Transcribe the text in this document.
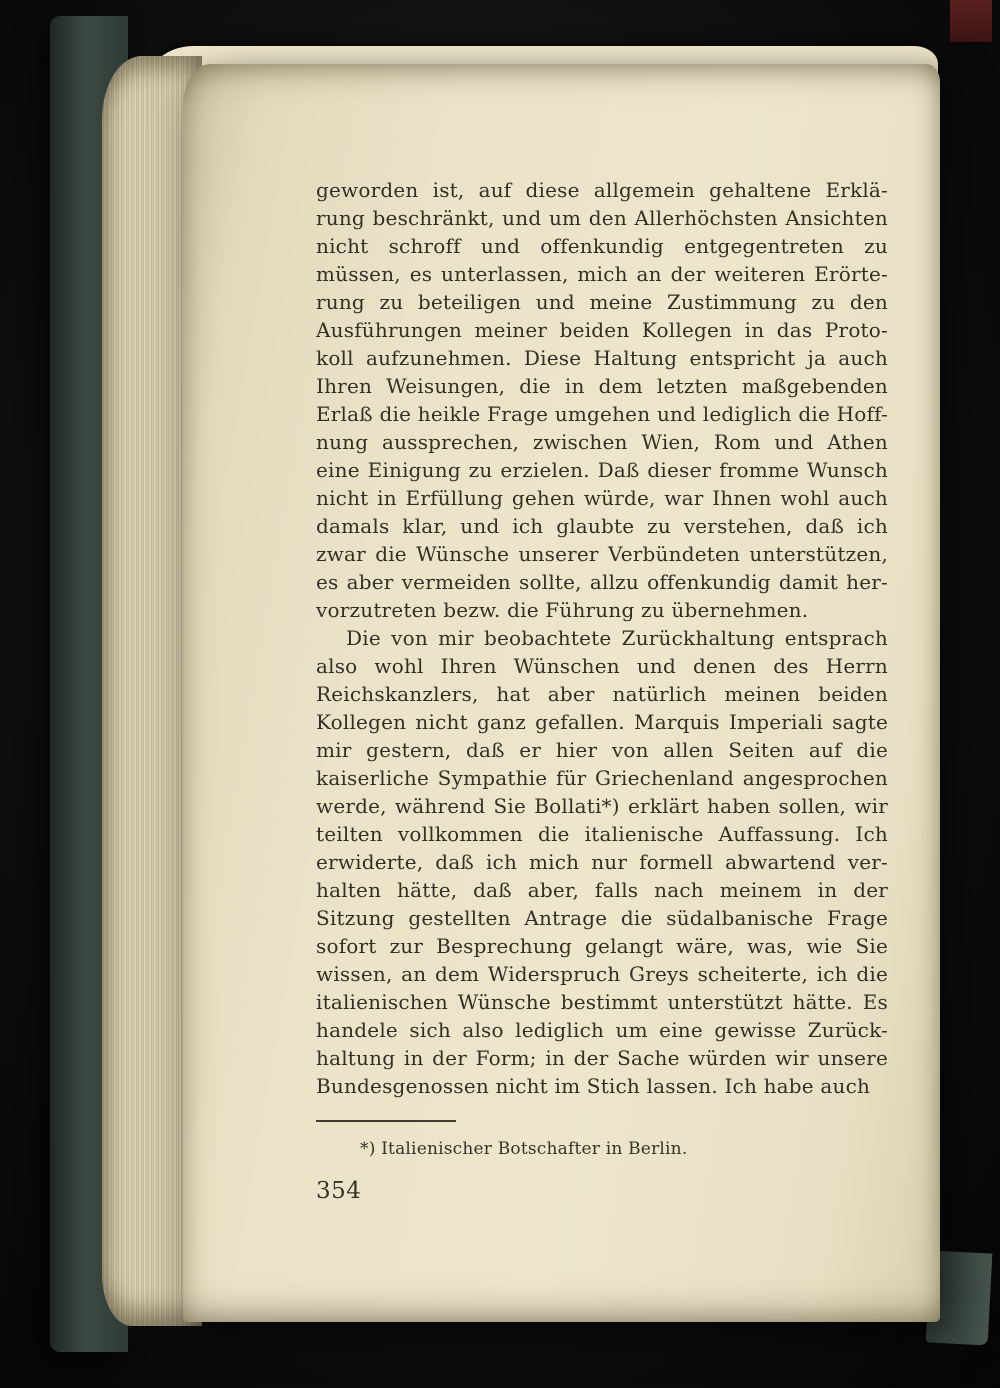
geworden ist, auf diese allgemein gehaltene Erklä-
rung beschränkt, und um den Allerhöchsten Ansichten
nicht schroff und offenkundig entgegentreten zu
müssen, es unterlassen, mich an der weiteren Erörte-
rung zu beteiligen und meine Zustimmung zu den
Ausführungen meiner beiden Kollegen in das Proto-
koll aufzunehmen. Diese Haltung entspricht ja auch
Ihren Weisungen, die in dem letzten maßgebenden
Erlaß die heikle Frage umgehen und lediglich die Hoff-
nung aussprechen, zwischen Wien, Rom und Athen
eine Einigung zu erzielen. Daß dieser fromme Wunsch
nicht in Erfüllung gehen würde, war Ihnen wohl auch
damals klar, und ich glaubte zu verstehen, daß ich
zwar die Wünsche unserer Verbündeten unterstützen,
es aber vermeiden sollte, allzu offenkundig damit her-
vorzutreten bezw. die Führung zu übernehmen.
Die von mir beobachtete Zurückhaltung entsprach
also wohl Ihren Wünschen und denen des Herrn
Reichskanzlers, hat aber natürlich meinen beiden
Kollegen nicht ganz gefallen. Marquis Imperiali sagte
mir gestern, daß er hier von allen Seiten auf die
kaiserliche Sympathie für Griechenland angesprochen
werde, während Sie Bollati*) erklärt haben sollen, wir
teilten vollkommen die italienische Auffassung. Ich
erwiderte, daß ich mich nur formell abwartend ver-
halten hätte, daß aber, falls nach meinem in der
Sitzung gestellten Antrage die südalbanische Frage
sofort zur Besprechung gelangt wäre, was, wie Sie
wissen, an dem Widerspruch Greys scheiterte, ich die
italienischen Wünsche bestimmt unterstützt hätte. Es
handele sich also lediglich um eine gewisse Zurück-
haltung in der Form; in der Sache würden wir unsere
Bundesgenossen nicht im Stich lassen. Ich habe auch
*) Italienischer Botschafter in Berlin.
354
